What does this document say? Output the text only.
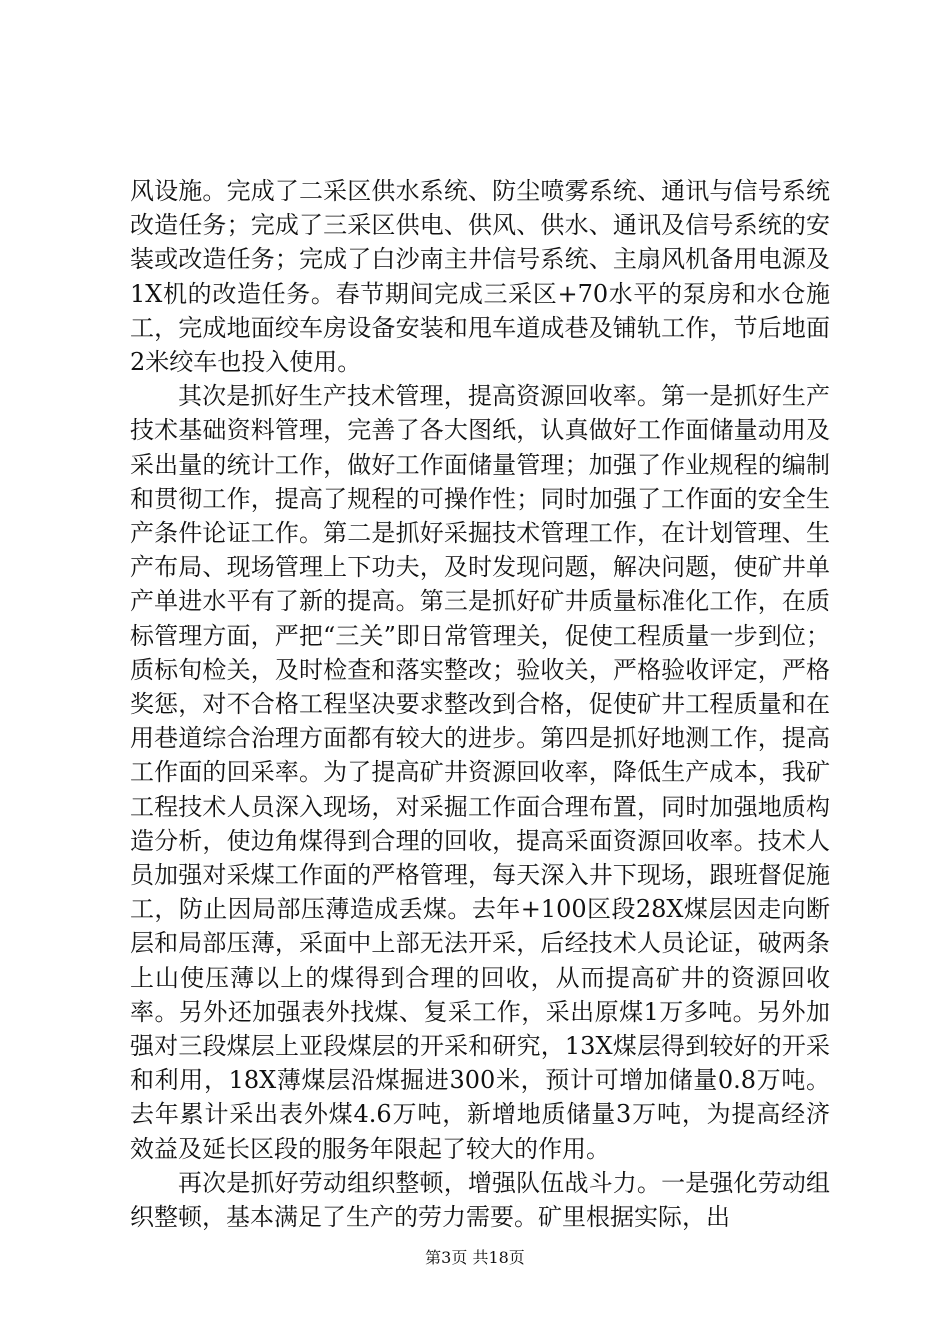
风设施。完成了二采区供水系统、防尘喷雾系统、通讯与信号系统改造任务；完成了三采区供电、供风、供水、通讯及信号系统的安装或改造任务；完成了白沙南主井信号系统、主扇风机备用电源及1X机的改造任务。春节期间完成三采区+70水平的泵房和水仓施工，完成地面绞车房设备安装和甩车道成巷及铺轨工作，节后地面2米绞车也投入使用。

其次是抓好生产技术管理，提高资源回收率。第一是抓好生产技术基础资料管理，完善了各大图纸，认真做好工作面储量动用及采出量的统计工作，做好工作面储量管理；加强了作业规程的编制和贯彻工作，提高了规程的可操作性；同时加强了工作面的安全生产条件论证工作。第二是抓好采掘技术管理工作，在计划管理、生产布局、现场管理上下功夫，及时发现问题，解决问题，使矿井单产单进水平有了新的提高。第三是抓好矿井质量标准化工作，在质标管理方面，严把“三关”即日常管理关，促使工程质量一步到位；质标旬检关，及时检查和落实整改；验收关，严格验收评定，严格奖惩，对不合格工程坚决要求整改到合格，促使矿井工程质量和在用巷道综合治理方面都有较大的进步。第四是抓好地测工作，提高工作面的回采率。为了提高矿井资源回收率，降低生产成本，我矿工程技术人员深入现场，对采掘工作面合理布置，同时加强地质构造分析，使边角煤得到合理的回收，提高采面资源回收率。技术人员加强对采煤工作面的严格管理，每天深入井下现场，跟班督促施工，防止因局部压薄造成丢煤。去年+100区段28X煤层因走向断层和局部压薄，采面中上部无法开采，后经技术人员论证，破两条上山使压薄以上的煤得到合理的回收，从而提高矿井的资源回收率。另外还加强表外找煤、复采工作，采出原煤1万多吨。另外加强对三段煤层上亚段煤层的开采和研究，13X煤层得到较好的开采和利用，18X薄煤层沿煤掘进300米，预计可增加储量0.8万吨。去年累计采出表外煤4.6万吨，新增地质储量3万吨，为提高经济效益及延长区段的服务年限起了较大的作用。

再次是抓好劳动组织整顿，增强队伍战斗力。一是强化劳动组织整顿，基本满足了生产的劳力需要。矿里根据实际，出

第3页 共18页
